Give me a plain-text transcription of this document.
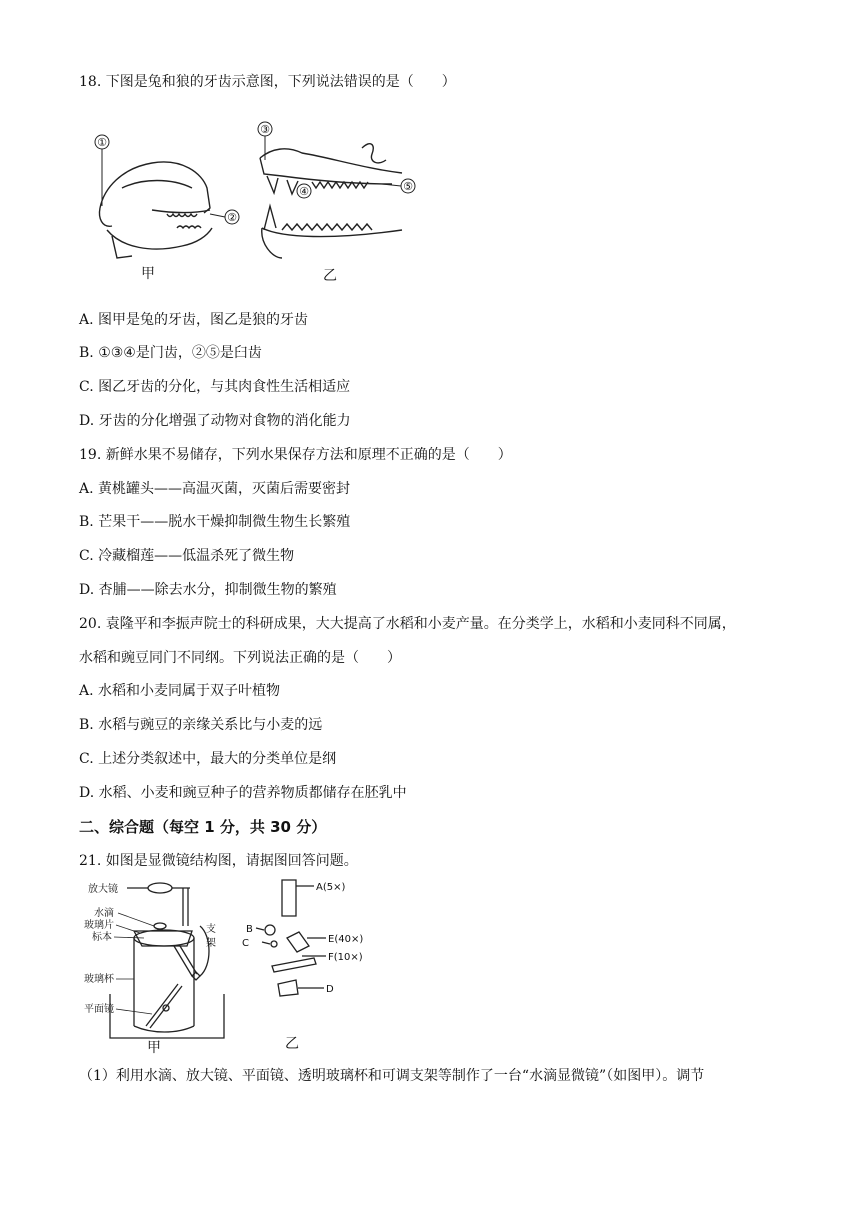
18. 下图是兔和狼的牙齿示意图，下列说法错误的是（　　）
①
②
③
④	⑤
甲	乙
A. 图甲是兔的牙齿，图乙是狼的牙齿
B. ①③④是门齿，②⑤是臼齿
C. 图乙牙齿的分化，与其肉食性生活相适应
D. 牙齿的分化增强了动物对食物的消化能力
19. 新鲜水果不易储存，下列水果保存方法和原理不正确的是（　　）
A. 黄桃罐头——高温灭菌，灭菌后需要密封
B. 芒果干——脱水干燥抑制微生物生长繁殖
C. 冷藏榴莲——低温杀死了微生物
D. 杏脯——除去水分，抑制微生物的繁殖
20. 袁隆平和李振声院士的科研成果，大大提高了水稻和小麦产量。在分类学上，水稻和小麦同科不同属，
水稻和豌豆同门不同纲。下列说法正确的是（　　）
A. 水稻和小麦同属于双子叶植物
B. 水稻与豌豆的亲缘关系比与小麦的远
C. 上述分类叙述中，最大的分类单位是纲
D. 水稻、小麦和豌豆种子的营养物质都储存在胚乳中
二、综合题（每空 1 分，共 30 分）
21. 如图是显微镜结构图，请据图回答问题。
放大镜
水滴
玻璃片
标本
玻璃杯
平面镜
支
架
甲
A(5×)
B
C	E(40×)
F(10×)
D
乙
（1）利用水滴、放大镜、平面镜、透明玻璃杯和可调支架等制作了一台“水滴显微镜”（如图甲）。调节
